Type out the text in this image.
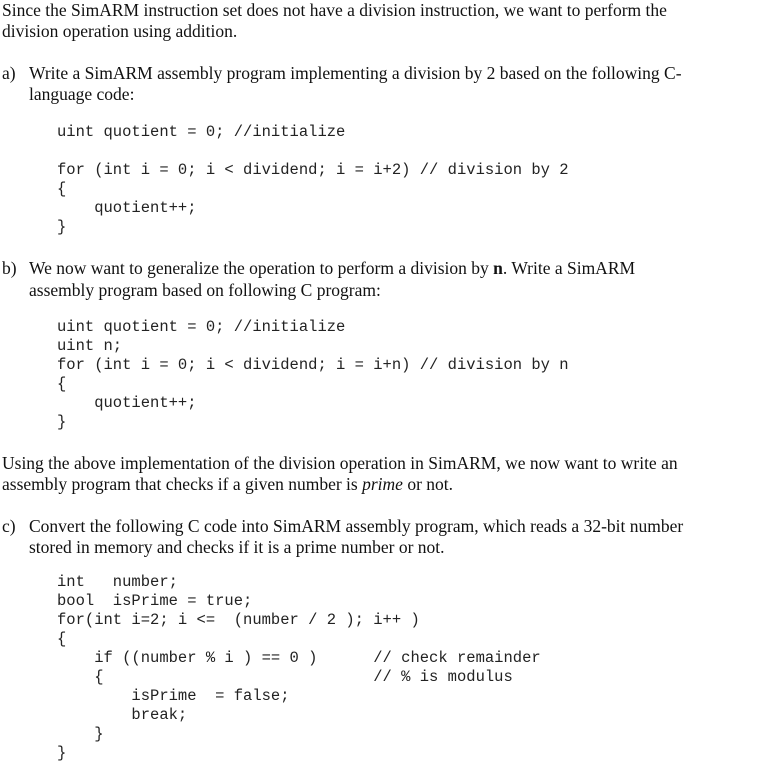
Since the SimARM instruction set does not have a division instruction, we want to perform the
division operation using addition.
a) Write a SimARM assembly program implementing a division by 2 based on the following C-
language code:
uint quotient = 0; //initialize
for (int i = 0; i < dividend; i = i+2) // division by 2
{
quotient++;
}
b) We now want to generalize the operation to perform a division by n. Write a SimARM
assembly program based on following C program:
uint quotient = 0; //initialize
uint n;
for (int i = 0; i < dividend; i = i+n) // division by n
{
quotient++;
}
Using the above implementation of the division operation in SimARM, we now want to write an
assembly program that checks if a given number is prime or not.
c) Convert the following C code into SimARM assembly program, which reads a 32-bit number
stored in memory and checks if it is a prime number or not.
int   number;
bool  isPrime = true;
for(int i=2; i <=  (number / 2 ); i++ )
{
if ((number % i ) == 0 )      // check remainder
{                             // % is modulus
isPrime  = false;
break;
}
}
